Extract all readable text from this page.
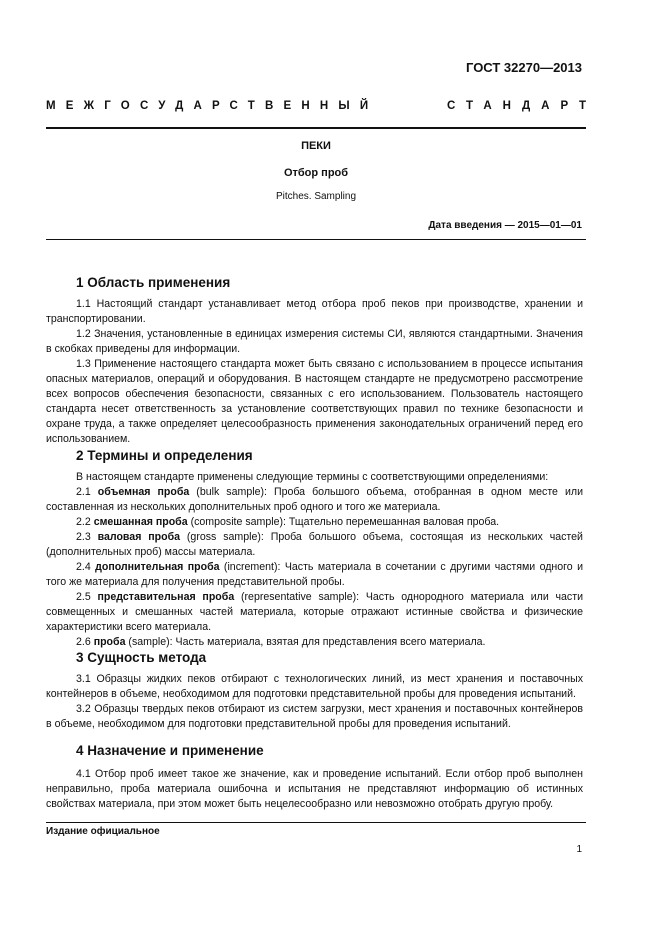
ГОСТ 32270—2013
МЕЖГОСУДАРСТВЕННЫЙ	СТАНДАРТ
ПЕКИ
Отбор проб
Pitches. Sampling
Дата введения — 2015—01—01
1 Область применения

1.1 Настоящий стандарт устанавливает метод отбора проб пеков при производстве, хранении и транспортировании.

1.2 Значения, установленные в единицах измерения системы СИ, являются стандартными. Значения в скобках приведены для информации.

1.3 Применение настоящего стандарта может быть связано с использованием в процессе испытания опасных материалов, операций и оборудования. В настоящем стандарте не предусмотрено рассмотрение всех вопросов обеспечения безопасности, связанных с его использованием. Пользователь настоящего стандарта несет ответственность за установление соответствующих правил по технике безопасности и охране труда, а также определяет целесообразность применения законодательных ограничений перед его использованием.

2 Термины и определения

В настоящем стандарте применены следующие термины с соответствующими определениями:

2.1 объемная проба (bulk sample): Проба большого объема, отобранная в одном месте или составленная из нескольких дополнительных проб одного и того же материала.

2.2 смешанная проба (composite sample): Тщательно перемешанная валовая проба.

2.3 валовая проба (gross sample): Проба большого объема, состоящая из нескольких частей (дополнительных проб) массы материала.

2.4 дополнительная проба (increment): Часть материала в сочетании с другими частями одного и того же материала для получения представительной пробы.

2.5 представительная проба (representative sample): Часть однородного материала или части совмещенных и смешанных частей материала, которые отражают истинные свойства и физические характеристики всего материала.

2.6 проба (sample): Часть материала, взятая для представления всего материала.

3 Сущность метода

3.1 Образцы жидких пеков отбирают с технологических линий, из мест хранения и поставочных контейнеров в объеме, необходимом для подготовки представительной пробы для проведения испытаний.

3.2 Образцы твердых пеков отбирают из систем загрузки, мест хранения и поставочных контейнеров в объеме, необходимом для подготовки представительной пробы для проведения испытаний.

4 Назначение и применение

4.1 Отбор проб имеет такое же значение, как и проведение испытаний. Если отбор проб выполнен неправильно, проба материала ошибочна и испытания не представляют информацию об истинных свойствах материала, при этом может быть нецелесообразно или невозможно отобрать другую пробу.

Издание официальное
1
